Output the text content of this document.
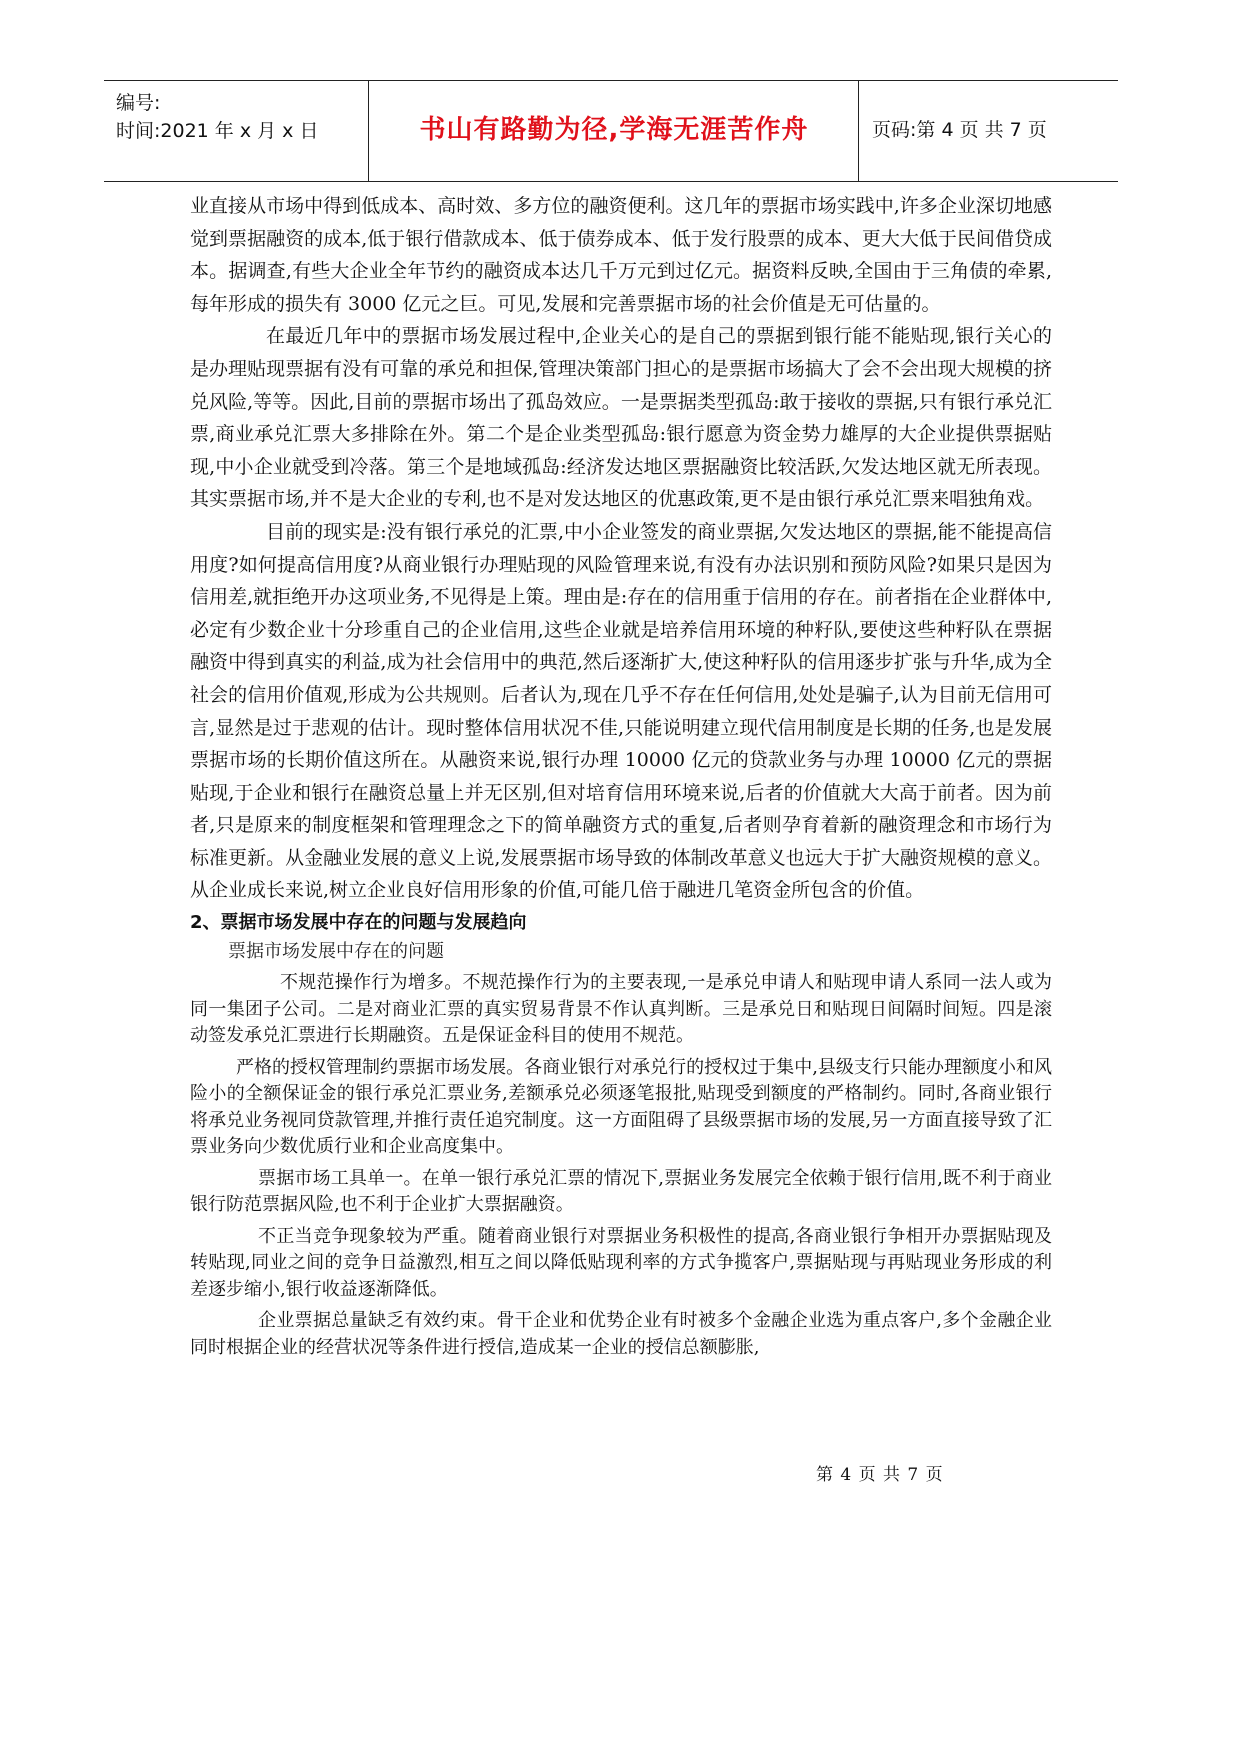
编号:
时间:2021 年 x 月 x 日	书山有路勤为径,学海无涯苦作舟	页码:第 4 页 共 7 页

业直接从市场中得到低成本、高时效、多方位的融资便利。这几年的票据市场实践中,许多企业深切地感觉到票据融资的成本,低于银行借款成本、低于债券成本、低于发行股票的成本、更大大低于民间借贷成本。据调查,有些大企业全年节约的融资成本达几千万元到过亿元。据资料反映,全国由于三角债的牵累,每年形成的损失有 3000 亿元之巨。可见,发展和完善票据市场的社会价值是无可估量的。

在最近几年中的票据市场发展过程中,企业关心的是自己的票据到银行能不能贴现,银行关心的是办理贴现票据有没有可靠的承兑和担保,管理决策部门担心的是票据市场搞大了会不会出现大规模的挤兑风险,等等。因此,目前的票据市场出了孤岛效应。一是票据类型孤岛:敢于接收的票据,只有银行承兑汇票,商业承兑汇票大多排除在外。第二个是企业类型孤岛:银行愿意为资金势力雄厚的大企业提供票据贴现,中小企业就受到冷落。第三个是地域孤岛:经济发达地区票据融资比较活跃,欠发达地区就无所表现。其实票据市场,并不是大企业的专利,也不是对发达地区的优惠政策,更不是由银行承兑汇票来唱独角戏。

目前的现实是:没有银行承兑的汇票,中小企业签发的商业票据,欠发达地区的票据,能不能提高信用度?如何提高信用度?从商业银行办理贴现的风险管理来说,有没有办法识别和预防风险?如果只是因为信用差,就拒绝开办这项业务,不见得是上策。理由是:存在的信用重于信用的存在。前者指在企业群体中,必定有少数企业十分珍重自己的企业信用,这些企业就是培养信用环境的种籽队,要使这些种籽队在票据融资中得到真实的利益,成为社会信用中的典范,然后逐渐扩大,使这种籽队的信用逐步扩张与升华,成为全社会的信用价值观,形成为公共规则。后者认为,现在几乎不存在任何信用,处处是骗子,认为目前无信用可言,显然是过于悲观的估计。现时整体信用状况不佳,只能说明建立现代信用制度是长期的任务,也是发展票据市场的长期价值这所在。从融资来说,银行办理 10000 亿元的贷款业务与办理 10000 亿元的票据贴现,于企业和银行在融资总量上并无区别,但对培育信用环境来说,后者的价值就大大高于前者。因为前者,只是原来的制度框架和管理理念之下的简单融资方式的重复,后者则孕育着新的融资理念和市场行为标准更新。从金融业发展的意义上说,发展票据市场导致的体制改革意义也远大于扩大融资规模的意义。从企业成长来说,树立企业良好信用形象的价值,可能几倍于融进几笔资金所包含的价值。

2、票据市场发展中存在的问题与发展趋向
票据市场发展中存在的问题

不规范操作行为增多。不规范操作行为的主要表现,一是承兑申请人和贴现申请人系同一法人或为同一集团子公司。二是对商业汇票的真实贸易背景不作认真判断。三是承兑日和贴现日间隔时间短。四是滚动签发承兑汇票进行长期融资。五是保证金科目的使用不规范。

严格的授权管理制约票据市场发展。各商业银行对承兑行的授权过于集中,县级支行只能办理额度小和风险小的全额保证金的银行承兑汇票业务,差额承兑必须逐笔报批,贴现受到额度的严格制约。同时,各商业银行将承兑业务视同贷款管理,并推行责任追究制度。这一方面阻碍了县级票据市场的发展,另一方面直接导致了汇票业务向少数优质行业和企业高度集中。

票据市场工具单一。在单一银行承兑汇票的情况下,票据业务发展完全依赖于银行信用,既不利于商业银行防范票据风险,也不利于企业扩大票据融资。

不正当竞争现象较为严重。随着商业银行对票据业务积极性的提高,各商业银行争相开办票据贴现及转贴现,同业之间的竞争日益激烈,相互之间以降低贴现利率的方式争揽客户,票据贴现与再贴现业务形成的利差逐步缩小,银行收益逐渐降低。

企业票据总量缺乏有效约束。骨干企业和优势企业有时被多个金融企业选为重点客户,多个金融企业同时根据企业的经营状况等条件进行授信,造成某一企业的授信总额膨胀,

第 4 页 共 7 页
